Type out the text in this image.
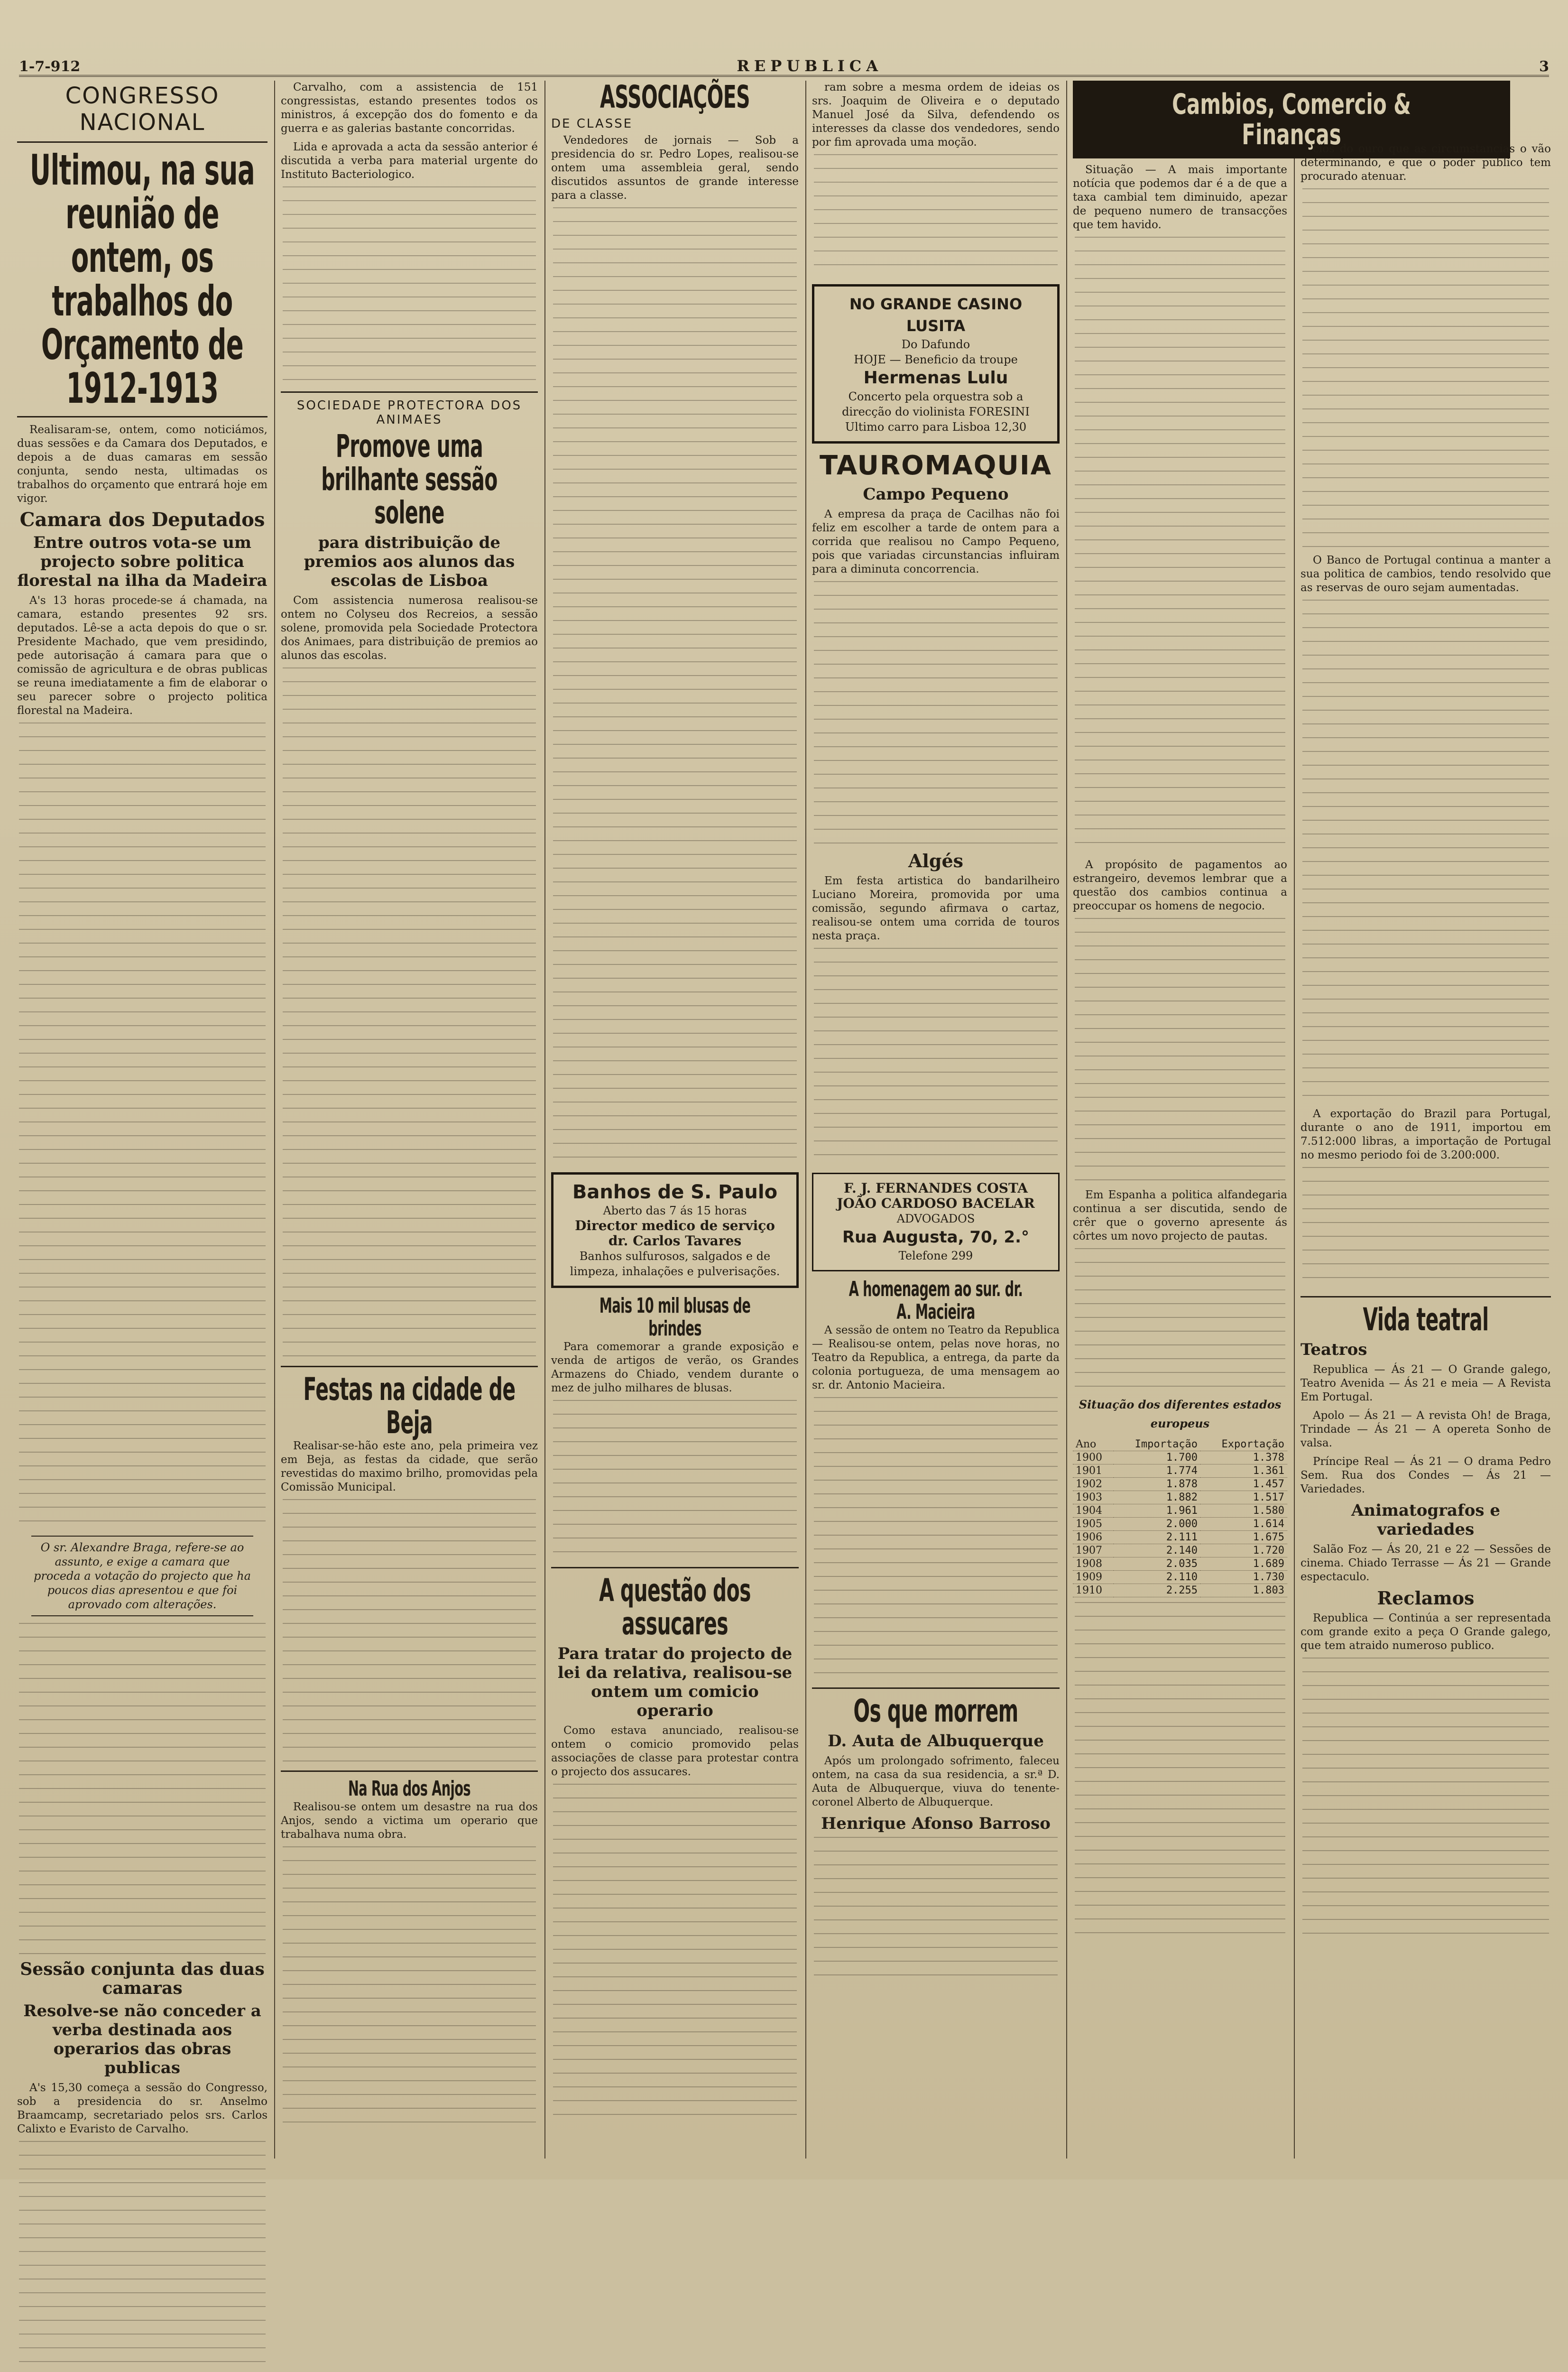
1-7-912	REPUBLICA	3
CONGRESSO NACIONAL
Ultimou, na sua reunião de ontem, os trabalhos do Orçamento de 1912-1913

Realisaram-se, ontem, como noticiámos, duas sessões e da Camara dos Deputados, e depois a de duas camaras em sessão conjunta, sendo nesta, ultimadas os trabalhos do orçamento que entrará hoje em vigor.

Camara dos Deputados
Entre outros vota-se um projecto sobre politica florestal na ilha da Madeira

A's 13 horas procede-se á chamada, na camara, estando presentes 92 srs. deputados. Lê-se a acta depois do que o sr. Presidente Machado, que vem presidindo, pede autorisação á camara para que o comissão de agricultura e de obras publicas se reuna imediatamente a fim de elaborar o seu parecer sobre o projecto politica florestal na Madeira.

O sr. Alexandre Braga, refere-se ao assunto, e exige a camara que proceda a votação do projecto que ha poucos dias apresentou e que foi aprovado com alterações.
Sessão conjunta das duas camaras
Resolve-se não conceder a verba destinada aos operarios das obras publicas

A's 15,30 começa a sessão do Congresso, sob a presidencia do sr. Anselmo Braamcamp, secretariado pelos srs. Carlos Calixto e Evaristo de Carvalho.

Carvalho, com a assistencia de 151 congressistas, estando presentes todos os ministros, á excepção dos do fomento e da guerra e as galerias bastante concorridas.

Lida e aprovada a acta da sessão anterior é discutida a verba para material urgente do Instituto Bacteriologico.

SOCIEDADE PROTECTORA DOS ANIMAES
Promove uma brilhante sessão solene
para distribuição de premios aos alunos das escolas de Lisboa

Com assistencia numerosa realisou-se ontem no Colyseu dos Recreios, a sessão solene, promovida pela Sociedade Protectora dos Animaes, para distribuição de premios ao alunos das escolas.

Festas na cidade de Beja

Realisar-se-hão este ano, pela primeira vez em Beja, as festas da cidade, que serão revestidas do maximo brilho, promovidas pela Comissão Municipal.

Na Rua dos Anjos

Realisou-se ontem um desastre na rua dos Anjos, sendo a victima um operario que trabalhava numa obra.

ASSOCIAÇÕES
DE CLASSE

Vendedores de jornais — Sob a presidencia do sr. Pedro Lopes, realisou-se ontem uma assembleia geral, sendo discutidos assuntos de grande interesse para a classe.

Banhos de S. Paulo
Aberto das 7 ás 15 horas
Director medico de serviço
dr. Carlos Tavares
Banhos sulfurosos, salgados e de limpeza, inhalações e pulverisações.
Mais 10 mil blusas de brindes

Para comemorar a grande exposição e venda de artigos de verão, os Grandes Armazens do Chiado, vendem durante o mez de julho milhares de blusas.

A questão dos assucares
Para tratar do projecto de lei da relativa, realisou-se ontem um comicio operario

Como estava anunciado, realisou-se ontem o comicio promovido pelas associações de classe para protestar contra o projecto dos assucares.

ram sobre a mesma ordem de ideias os srs. Joaquim de Oliveira e o deputado Manuel José da Silva, defendendo os interesses da classe dos vendedores, sendo por fim aprovada uma moção.

NO GRANDE CASINO LUSITA
Do Dafundo
HOJE — Beneficio da troupe
Hermenas Lulu
Concerto pela orquestra sob a direcção do violinista FORESINI
Ultimo carro para Lisboa 12,30
TAUROMAQUIA
Campo Pequeno

A empresa da praça de Cacilhas não foi feliz em escolher a tarde de ontem para a corrida que realisou no Campo Pequeno, pois que variadas circunstancias influiram para a diminuta concorrencia.

Algés

Em festa artistica do bandarilheiro Luciano Moreira, promovida por uma comissão, segundo afirmava o cartaz, realisou-se ontem uma corrida de touros nesta praça.

F. J. FERNANDES COSTA
JOÃO CARDOSO BACELAR
ADVOGADOS
Rua Augusta, 70, 2.°
Telefone 299
A homenagem ao sur. dr. A. Macieira

A sessão de ontem no Teatro da Republica — Realisou-se ontem, pelas nove horas, no Teatro da Republica, a entrega, da parte da colonia portugueza, de uma mensagem ao sr. dr. Antonio Macieira.

Os que morrem
D. Auta de Albuquerque

Após um prolongado sofrimento, faleceu ontem, na casa da sua residencia, a sr.ª D. Auta de Albuquerque, viuva do tenente-coronel Alberto de Albuquerque.

Henrique Afonso Barroso
Cambios, Comercio & Finanças

Situação — A mais importante notícia que podemos dar é a de que a taxa cambial tem diminuido, apezar de pequeno numero de transacções que tem havido.

A propósito de pagamentos ao estrangeiro, devemos lembrar que a questão dos cambios continua a preoccupar os homens de negocio.

Em Espanha a politica alfandegaria continua a ser discutida, sendo de crêr que o governo apresente ás côrtes um novo projecto de pautas.

Situação dos diferentes estados europeus
Ano	Importação	Exportação
1900	1.700	1.378
1901	1.774	1.361
1902	1.878	1.457
1903	1.882	1.517
1904	1.961	1.580
1905	2.000	1.614
1906	2.111	1.675
1907	2.140	1.720
1908	2.035	1.689
1909	2.110	1.730
1910	2.255	1.803

cios do ouro que as circumstancias o vão determinando, e que o poder publico tem procurado atenuar.

O Banco de Portugal continua a manter a sua politica de cambios, tendo resolvido que as reservas de ouro sejam aumentadas.

A exportação do Brazil para Portugal, durante o ano de 1911, importou em 7.512:000 libras, a importação de Portugal no mesmo periodo foi de 3.200:000.

Vida teatral
Teatros

Republica — Ás 21 — O Grande galego, Teatro Avenida — Ás 21 e meia — A Revista Em Portugal.

Apolo — Ás 21 — A revista Oh! de Braga, Trindade — Ás 21 — A opereta Sonho de valsa.

Príncipe Real — Ás 21 — O drama Pedro Sem. Rua dos Condes — Ás 21 — Variedades.

Animatografos e variedades

Salão Foz — Ás 20, 21 e 22 — Sessões de cinema. Chiado Terrasse — Ás 21 — Grande espectaculo.

Reclamos

Republica — Continúa a ser representada com grande exito a peça O Grande galego, que tem atraido numeroso publico.
